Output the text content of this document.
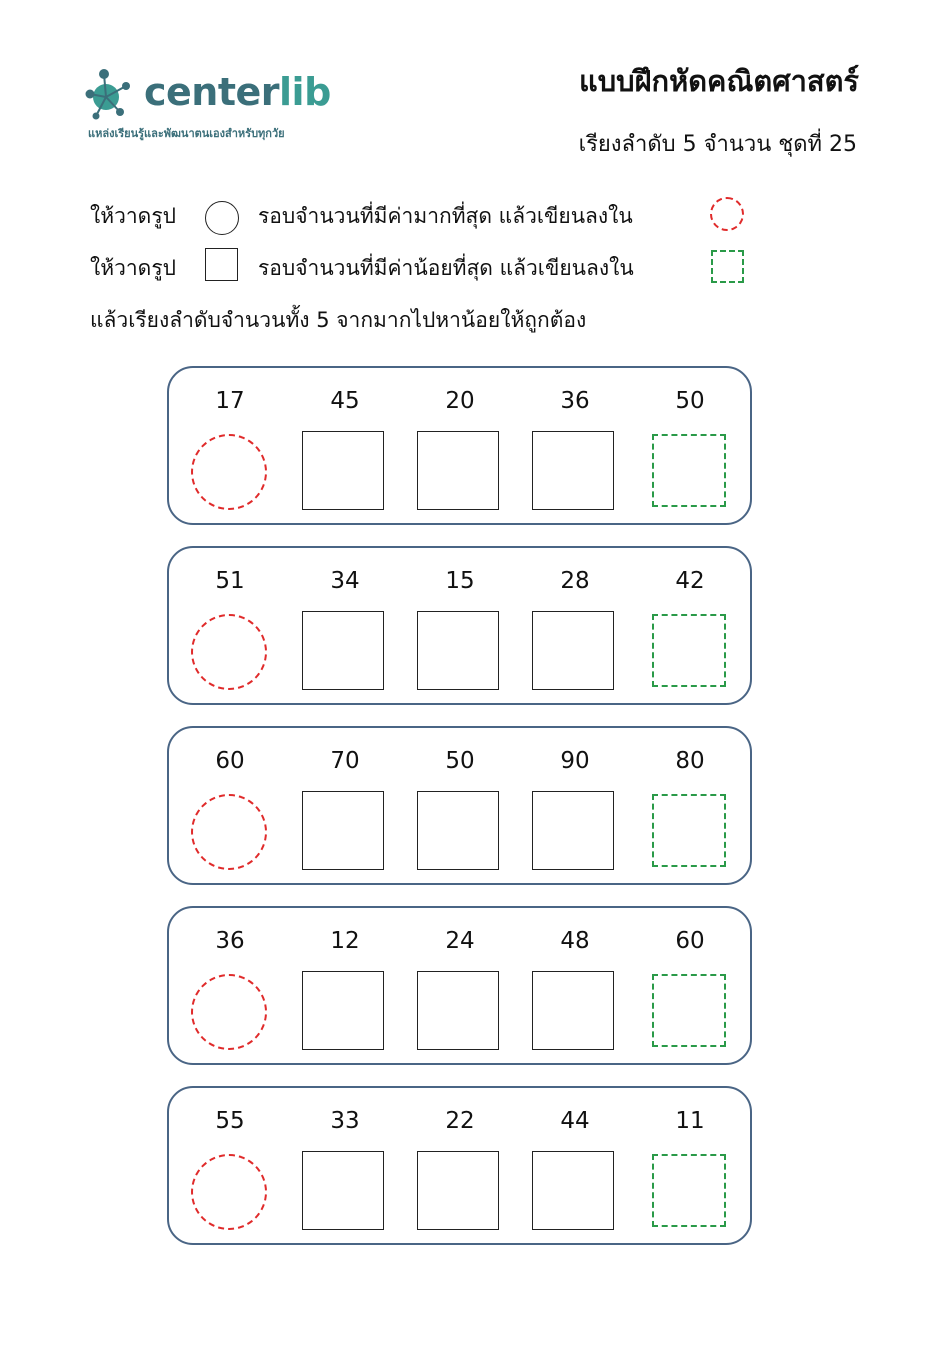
centerlib
แหล่งเรียนรู้และพัฒนาตนเองสำหรับทุกวัย
แบบฝึกหัดคณิตศาสตร์
เรียงลำดับ 5 จำนวน ชุดที่ 25
ให้วาดรูป	รอบจำนวนที่มีค่ามากที่สุด แล้วเขียนลงใน
ให้วาดรูป	รอบจำนวนที่มีค่าน้อยที่สุด แล้วเขียนลงใน
แล้วเรียงลำดับจำนวนทั้ง 5 จากมากไปหาน้อยให้ถูกต้อง
17	45	20	36	50
51	34	15	28	42
60	70	50	90	80
36	12	24	48	60
55	33	22	44	11
